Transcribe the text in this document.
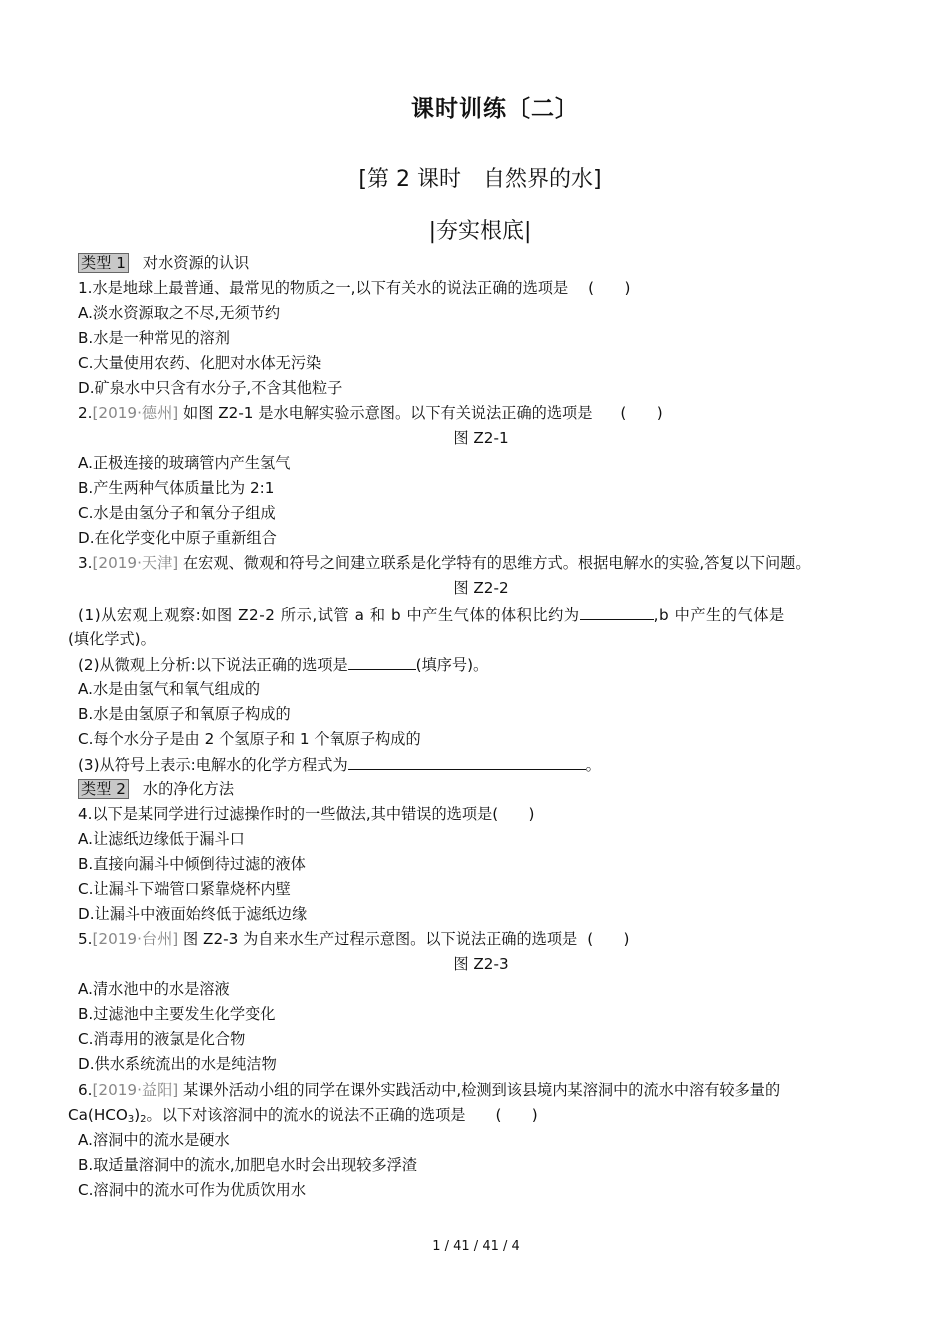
课时训练〔二〕
[第 2 课时　自然界的水]
|夯实根底|
类型 1 对水资源的认识
1.水是地球上最普通、最常见的物质之一,以下有关水的说法正确的选项是 (　　)
A.淡水资源取之不尽,无须节约
B.水是一种常见的溶剂
C.大量使用农药、化肥对水体无污染
D.矿泉水中只含有水分子,不含其他粒子
2.[2019·德州] 如图 Z2-1 是水电解实验示意图。以下有关说法正确的选项是 (　　)
图 Z2-1
A.正极连接的玻璃管内产生氢气
B.产生两种气体质量比为 2:1
C.水是由氢分子和氧分子组成
D.在化学变化中原子重新组合
3.[2019·天津] 在宏观、微观和符号之间建立联系是化学特有的思维方式。根据电解水的实验,答复以下问题。
图 Z2-2
(1)从宏观上观察:如图 Z2-2 所示,试管 a 和 b 中产生气体的体积比约为	,b 中产生的气体是
(填化学式)。
(2)从微观上分析:以下说法正确的选项是	(填序号)。
A.水是由氢气和氧气组成的
B.水是由氢原子和氧原子构成的
C.每个水分子是由 2 个氢原子和 1 个氧原子构成的
(3)从符号上表示:电解水的化学方程式为	。
类型 2 水的净化方法
4.以下是某同学进行过滤操作时的一些做法,其中错误的选项是(　　)
A.让滤纸边缘低于漏斗口
B.直接向漏斗中倾倒待过滤的液体
C.让漏斗下端管口紧靠烧杯内壁
D.让漏斗中液面始终低于滤纸边缘
5.[2019·台州] 图 Z2-3 为自来水生产过程示意图。以下说法正确的选项是 (　　)
图 Z2-3
A.清水池中的水是溶液
B.过滤池中主要发生化学变化
C.消毒用的液氯是化合物
D.供水系统流出的水是纯洁物
6.[2019·益阳] 某课外活动小组的同学在课外实践活动中,检测到该县境内某溶洞中的流水中溶有较多量的
$Ca(HCO_3)_2$。以下对该溶洞中的流水的说法不正确的选项是 (　　)
A.溶洞中的流水是硬水
B.取适量溶洞中的流水,加肥皂水时会出现较多浮渣
C.溶洞中的流水可作为优质饮用水
1 / 41 / 41 / 4
